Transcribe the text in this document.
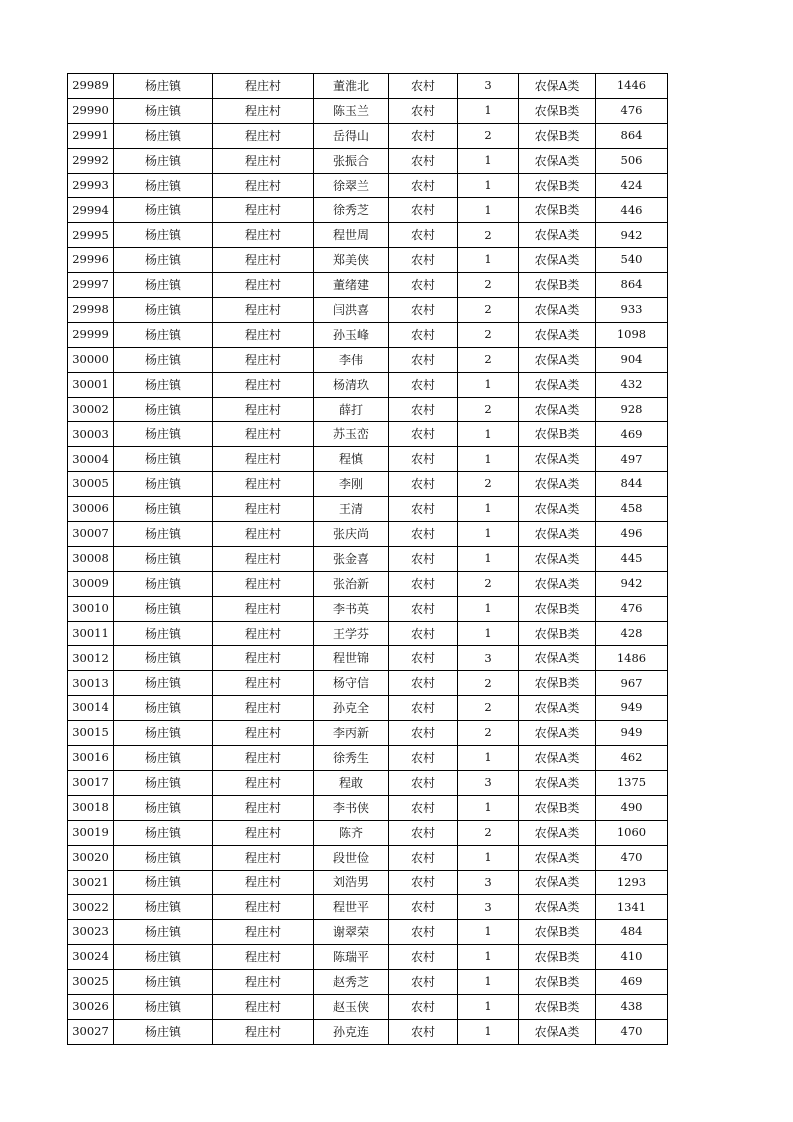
29989	杨庄镇	程庄村	董淮北	农村	3	农保A类	1446
29990	杨庄镇	程庄村	陈玉兰	农村	1	农保B类	476
29991	杨庄镇	程庄村	岳得山	农村	2	农保B类	864
29992	杨庄镇	程庄村	张振合	农村	1	农保A类	506
29993	杨庄镇	程庄村	徐翠兰	农村	1	农保B类	424
29994	杨庄镇	程庄村	徐秀芝	农村	1	农保B类	446
29995	杨庄镇	程庄村	程世周	农村	2	农保A类	942
29996	杨庄镇	程庄村	郑美侠	农村	1	农保A类	540
29997	杨庄镇	程庄村	董绪建	农村	2	农保B类	864
29998	杨庄镇	程庄村	闫洪喜	农村	2	农保A类	933
29999	杨庄镇	程庄村	孙玉峰	农村	2	农保A类	1098
30000	杨庄镇	程庄村	李伟	农村	2	农保A类	904
30001	杨庄镇	程庄村	杨清玖	农村	1	农保A类	432
30002	杨庄镇	程庄村	薛打	农村	2	农保A类	928
30003	杨庄镇	程庄村	苏玉峦	农村	1	农保B类	469
30004	杨庄镇	程庄村	程慎	农村	1	农保A类	497
30005	杨庄镇	程庄村	李刚	农村	2	农保A类	844
30006	杨庄镇	程庄村	王清	农村	1	农保A类	458
30007	杨庄镇	程庄村	张庆尚	农村	1	农保A类	496
30008	杨庄镇	程庄村	张金喜	农村	1	农保A类	445
30009	杨庄镇	程庄村	张治新	农村	2	农保A类	942
30010	杨庄镇	程庄村	李书英	农村	1	农保B类	476
30011	杨庄镇	程庄村	王学芬	农村	1	农保B类	428
30012	杨庄镇	程庄村	程世锦	农村	3	农保A类	1486
30013	杨庄镇	程庄村	杨守信	农村	2	农保B类	967
30014	杨庄镇	程庄村	孙克全	农村	2	农保A类	949
30015	杨庄镇	程庄村	李丙新	农村	2	农保A类	949
30016	杨庄镇	程庄村	徐秀生	农村	1	农保A类	462
30017	杨庄镇	程庄村	程敢	农村	3	农保A类	1375
30018	杨庄镇	程庄村	李书侠	农村	1	农保B类	490
30019	杨庄镇	程庄村	陈齐	农村	2	农保A类	1060
30020	杨庄镇	程庄村	段世俭	农村	1	农保A类	470
30021	杨庄镇	程庄村	刘浩男	农村	3	农保A类	1293
30022	杨庄镇	程庄村	程世平	农村	3	农保A类	1341
30023	杨庄镇	程庄村	谢翠荣	农村	1	农保B类	484
30024	杨庄镇	程庄村	陈瑞平	农村	1	农保B类	410
30025	杨庄镇	程庄村	赵秀芝	农村	1	农保B类	469
30026	杨庄镇	程庄村	赵玉侠	农村	1	农保B类	438
30027	杨庄镇	程庄村	孙克连	农村	1	农保A类	470
